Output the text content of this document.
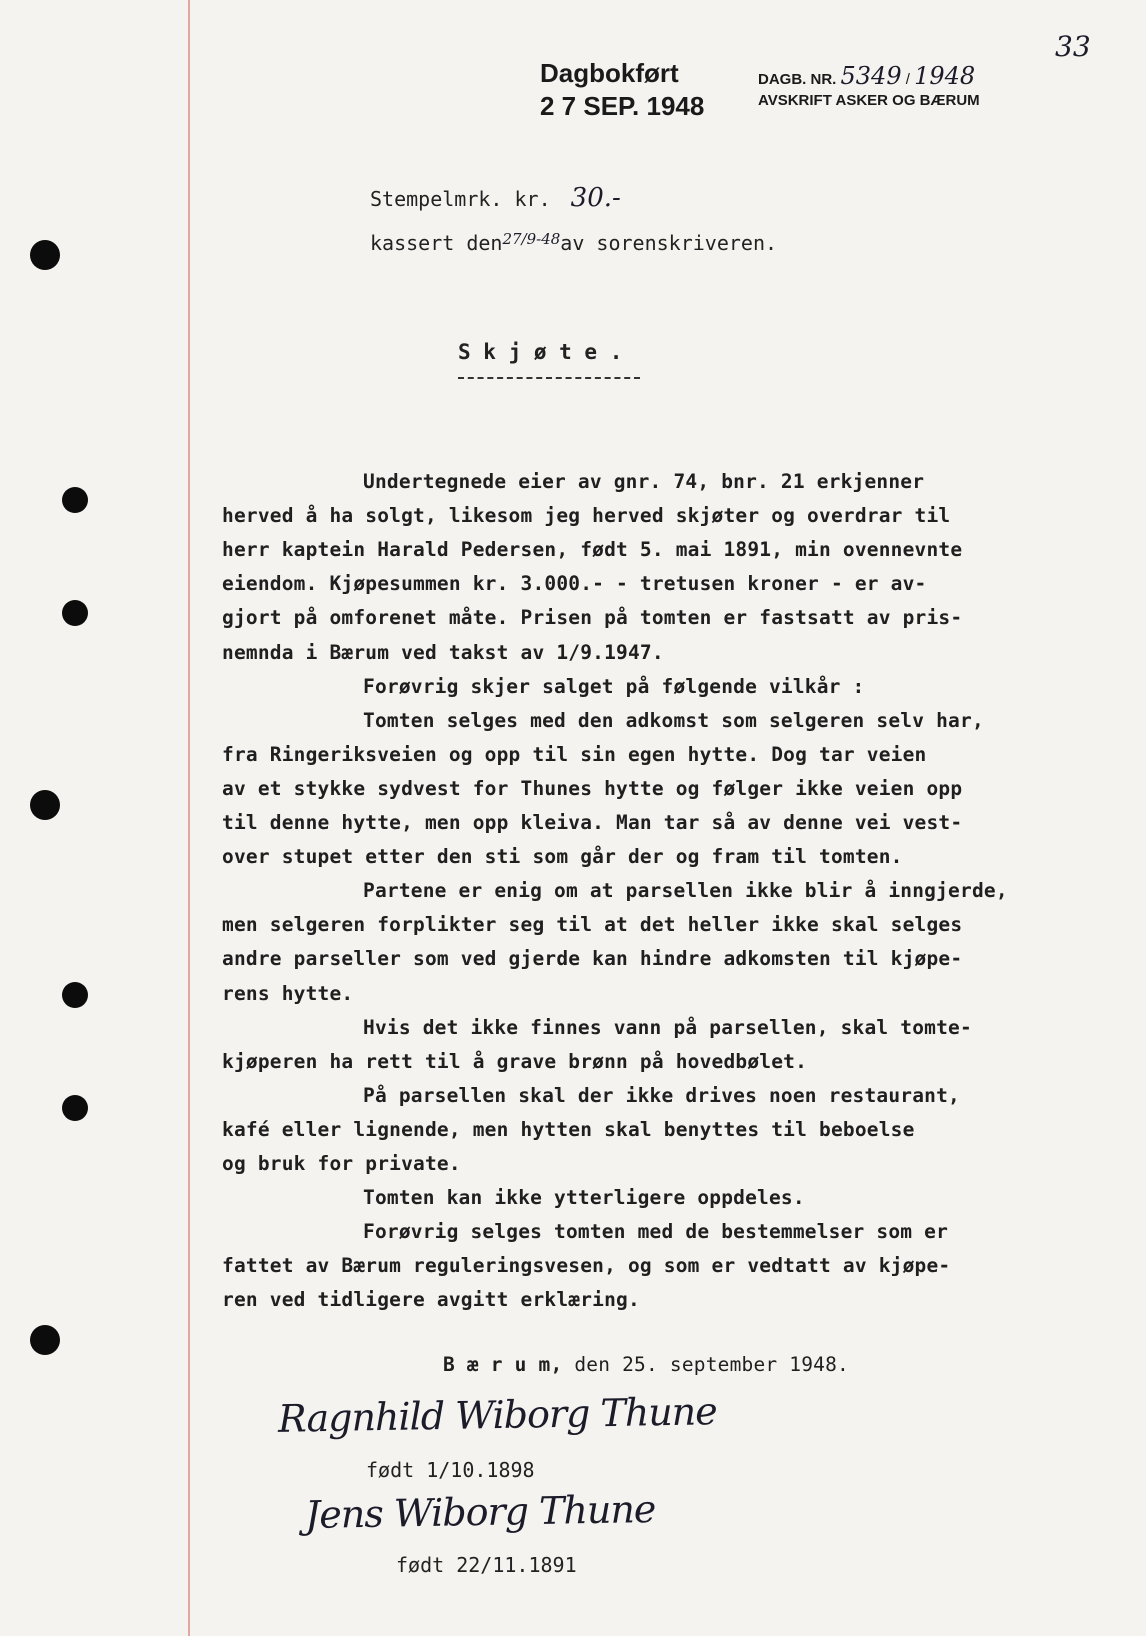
33
Dagbokført
2 7 SEP. 1948
DAGB. NR. 5349 / 1948
AVSKRIFT ASKER OG BÆRUM
Stempelmrk. kr. 30.-
kassert den$^{27/9-48}$av sorenskriveren.
S k j ø t e .
Undertegnede eier av gnr. 74, bnr. 21 erkjenner
herved å ha solgt, likesom jeg herved skjøter og overdrar til
herr kaptein Harald Pedersen, født 5. mai 1891, min ovennevnte
eiendom. Kjøpesummen kr. 3.000.- - tretusen kroner - er av-
gjort på omforenet måte. Prisen på tomten er fastsatt av pris-
nemnda i Bærum ved takst av 1/9.1947.
Forøvrig skjer salget på følgende vilkår :
Tomten selges med den adkomst som selgeren selv har,
fra Ringeriksveien og opp til sin egen hytte. Dog tar veien
av et stykke sydvest for Thunes hytte og følger ikke veien opp
til denne hytte, men opp kleiva. Man tar så av denne vei vest-
over stupet etter den sti som går der og fram til tomten.
Partene er enig om at parsellen ikke blir å inngjerde,
men selgeren forplikter seg til at det heller ikke skal selges
andre parseller som ved gjerde kan hindre adkomsten til kjøpe-
rens hytte.
Hvis det ikke finnes vann på parsellen, skal tomte-
kjøperen ha rett til å grave brønn på hovedbølet.
På parsellen skal der ikke drives noen restaurant,
kafé eller lignende, men hytten skal benyttes til beboelse
og bruk for private.
Tomten kan ikke ytterligere oppdeles.
Forøvrig selges tomten med de bestemmelser som er
fattet av Bærum reguleringsvesen, og som er vedtatt av kjøpe-
ren ved tidligere avgitt erklæring.
B æ r u m, den 25. september 1948.
Ragnhild Wiborg Thune
født 1/10.1898
Jens Wiborg Thune
født 22/11.1891
